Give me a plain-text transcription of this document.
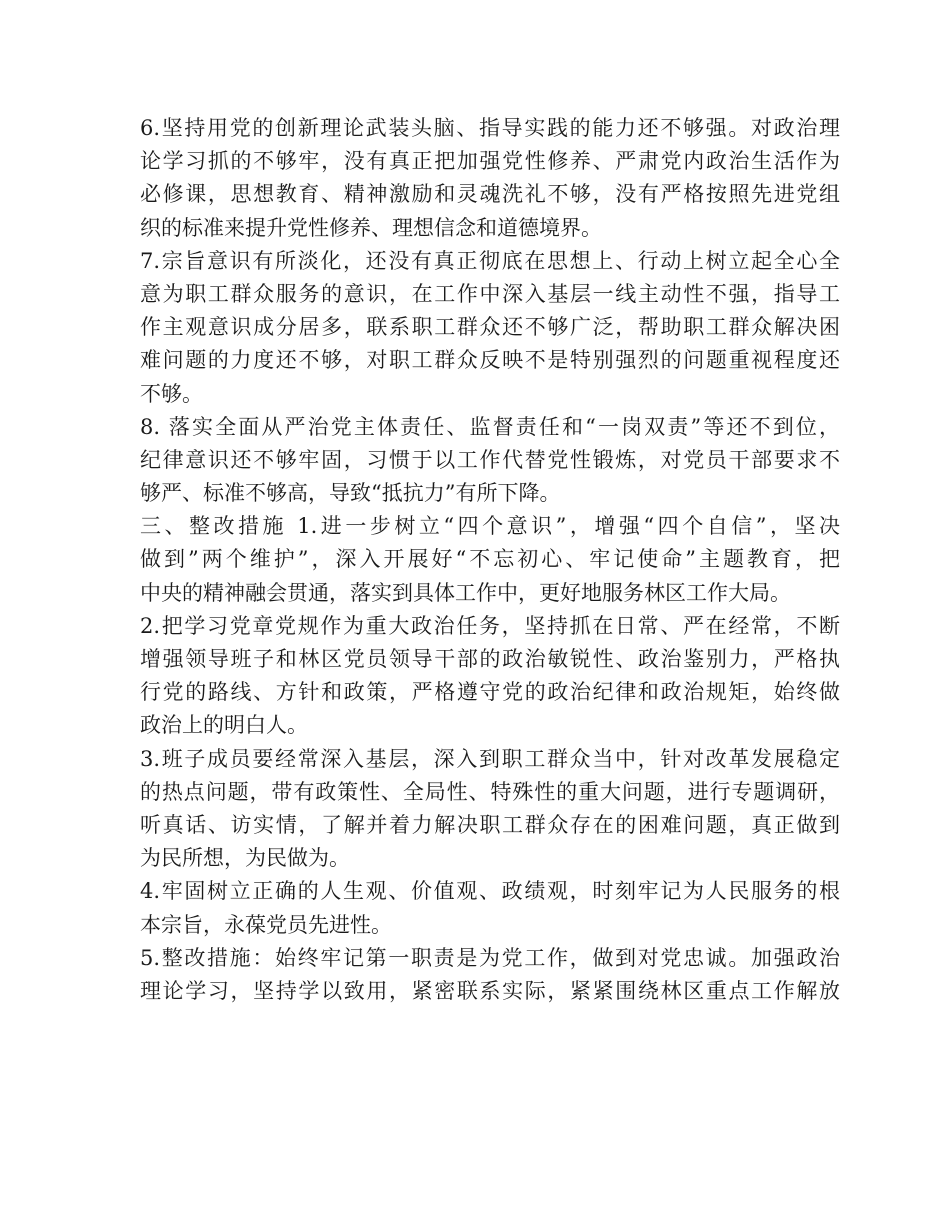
6.坚持用党的创新理论武装头脑、指导实践的能力还不够强。对政治理
论学习抓的不够牢，没有真正把加强党性修养、严肃党内政治生活作为
必修课，思想教育、精神激励和灵魂洗礼不够，没有严格按照先进党组
织的标准来提升党性修养、理想信念和道德境界。
7.宗旨意识有所淡化，还没有真正彻底在思想上、行动上树立起全心全
意为职工群众服务的意识，在工作中深入基层一线主动性不强，指导工
作主观意识成分居多，联系职工群众还不够广泛，帮助职工群众解决困
难问题的力度还不够，对职工群众反映不是特别强烈的问题重视程度还
不够。
8. 落实全面从严治党主体责任、监督责任和“一岗双责”等还不到位，
纪律意识还不够牢固，习惯于以工作代替党性锻炼，对党员干部要求不
够严、标准不够高，导致“抵抗力”有所下降。
三、整改措施 1.进一步树立“四个意识”，增强“四个自信”，坚决
做到”两个维护”，深入开展好“不忘初心、牢记使命”主题教育，把
中央的精神融会贯通，落实到具体工作中，更好地服务林区工作大局。
2.把学习党章党规作为重大政治任务，坚持抓在日常、严在经常，不断
增强领导班子和林区党员领导干部的政治敏锐性、政治鉴别力，严格执
行党的路线、方针和政策，严格遵守党的政治纪律和政治规矩，始终做
政治上的明白人。
3.班子成员要经常深入基层，深入到职工群众当中，针对改革发展稳定
的热点问题，带有政策性、全局性、特殊性的重大问题，进行专题调研，
听真话、访实情，了解并着力解决职工群众存在的困难问题，真正做到
为民所想，为民做为。
4.牢固树立正确的人生观、价值观、政绩观，时刻牢记为人民服务的根
本宗旨，永葆党员先进性。
5.整改措施：始终牢记第一职责是为党工作，做到对党忠诚。加强政治
理论学习，坚持学以致用，紧密联系实际，紧紧围绕林区重点工作解放
